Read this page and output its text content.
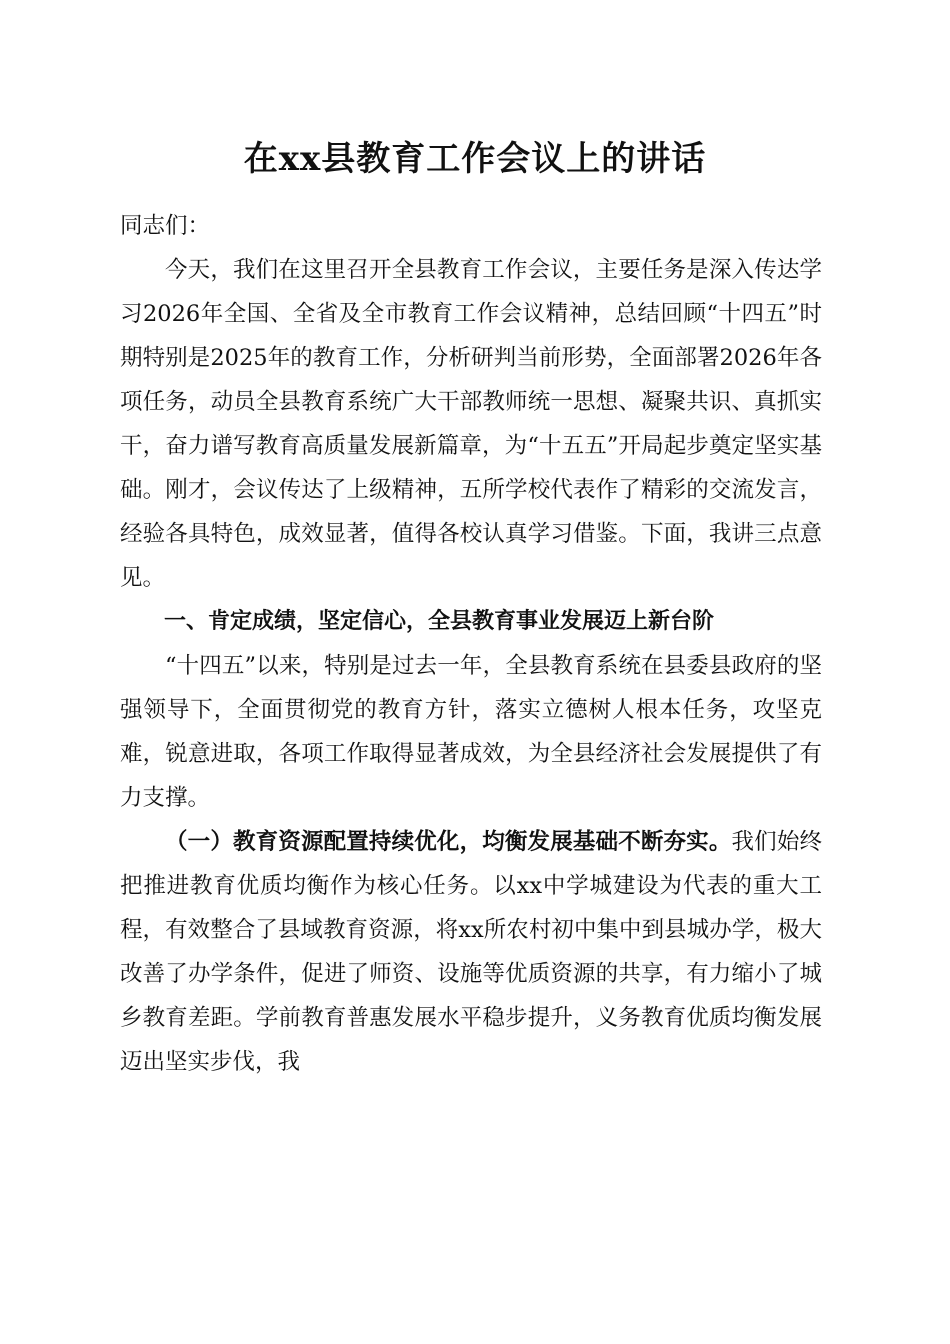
在xx县教育工作会议上的讲话

同志们：

今天，我们在这里召开全县教育工作会议，主要任务是深入传达学习2026年全国、全省及全市教育工作会议精神，总结回顾“十四五”时期特别是2025年的教育工作，分析研判当前形势，全面部署2026年各项任务，动员全县教育系统广大干部教师统一思想、凝聚共识、真抓实干，奋力谱写教育高质量发展新篇章，为“十五五”开局起步奠定坚实基础。刚才，会议传达了上级精神，五所学校代表作了精彩的交流发言，经验各具特色，成效显著，值得各校认真学习借鉴。下面，我讲三点意见。

一、肯定成绩，坚定信心，全县教育事业发展迈上新台阶

“十四五”以来，特别是过去一年，全县教育系统在县委县政府的坚强领导下，全面贯彻党的教育方针，落实立德树人根本任务，攻坚克难，锐意进取，各项工作取得显著成效，为全县经济社会发展提供了有力支撑。

（一）教育资源配置持续优化，均衡发展基础不断夯实。我们始终把推进教育优质均衡作为核心任务。以xx中学城建设为代表的重大工程，有效整合了县域教育资源，将xx所农村初中集中到县城办学，极大改善了办学条件，促进了师资、设施等优质资源的共享，有力缩小了城乡教育差距。学前教育普惠发展水平稳步提升，义务教育优质均衡发展迈出坚实步伐，我
